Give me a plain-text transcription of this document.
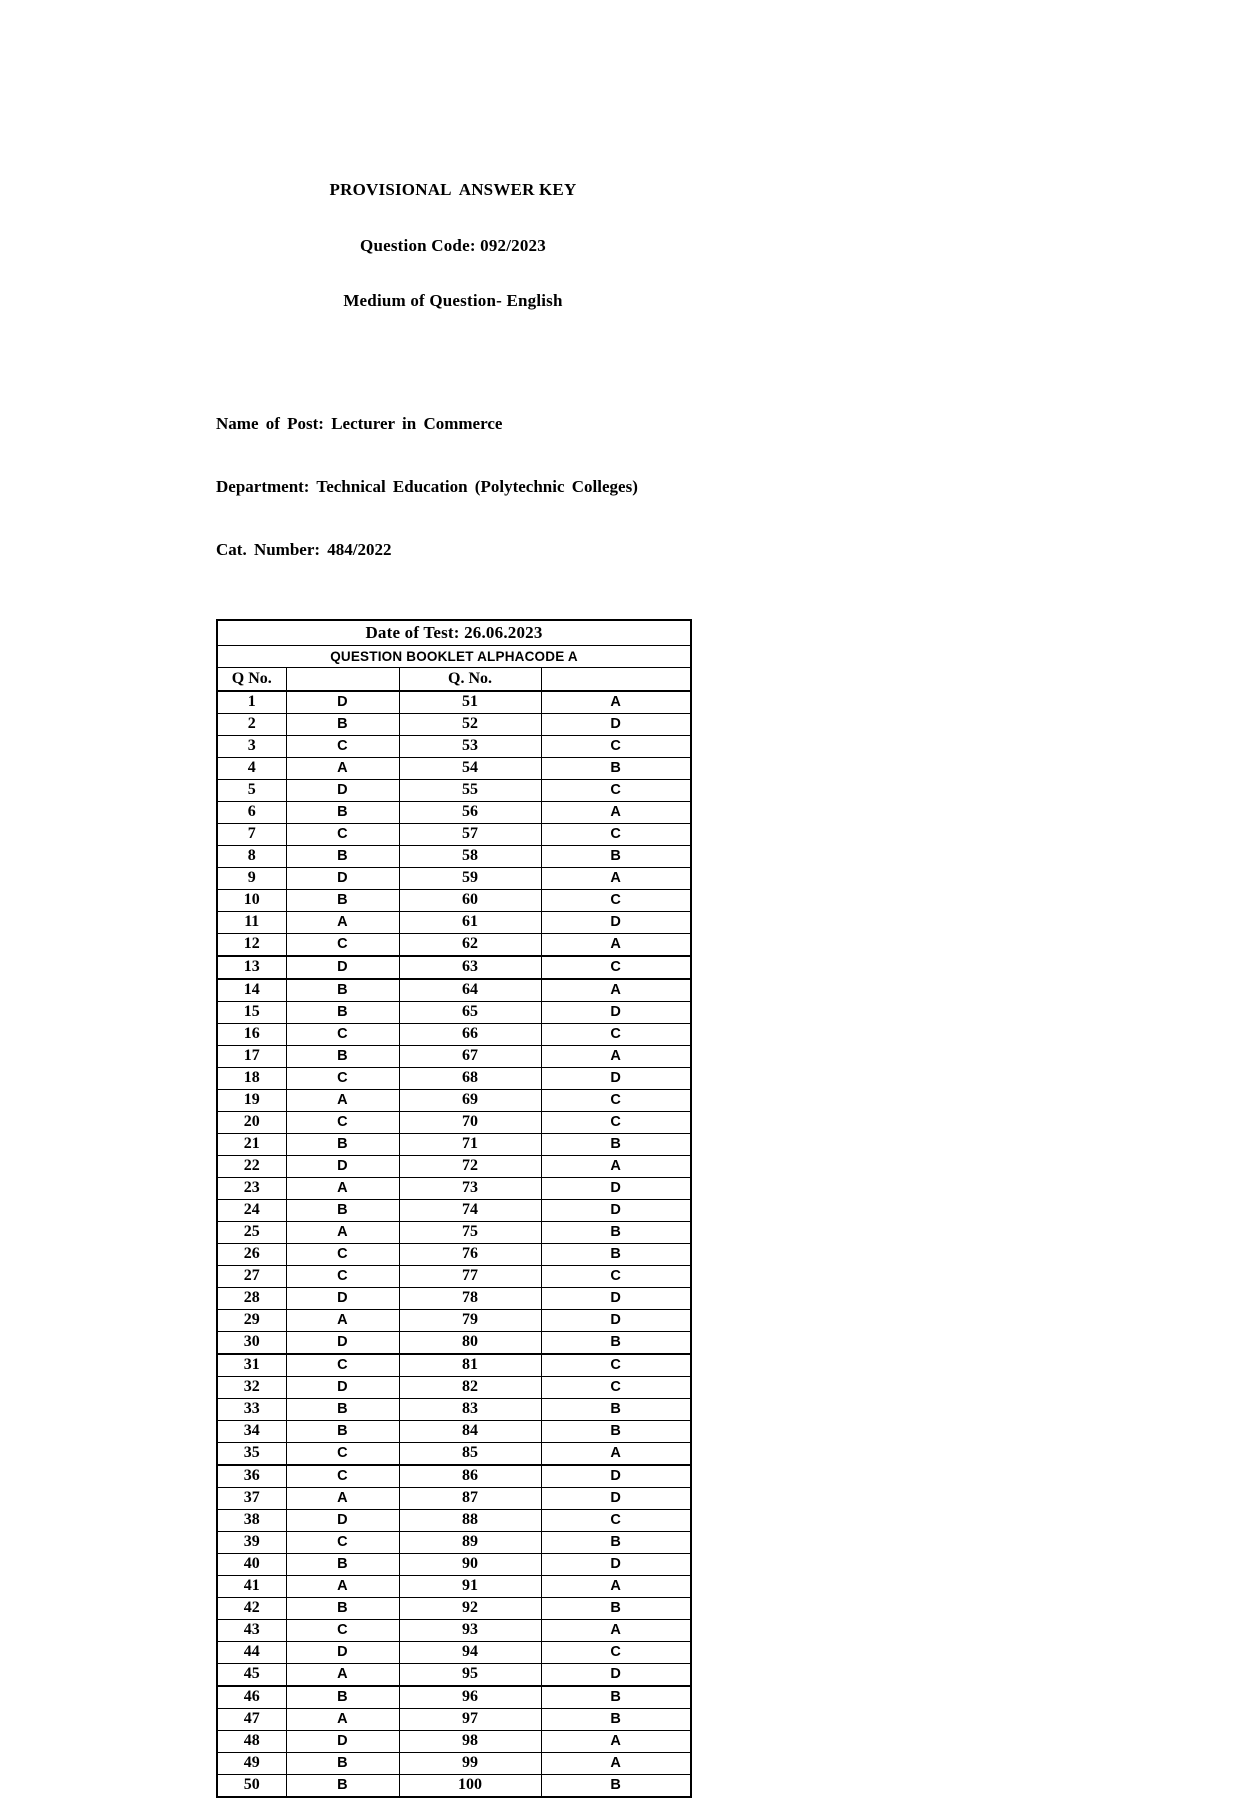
PROVISIONAL  ANSWER KEY

Question Code: 092/2023

Medium of Question- English

Name of Post: Lecturer in Commerce

Department: Technical Education (Polytechnic Colleges)

Cat. Number: 484/2022

Date of Test: 26.06.2023			
QUESTION BOOKLET ALPHACODE A			
Q No.		Q. No.	
1	D	51	A
2	B	52	D
3	C	53	C
4	A	54	B
5	D	55	C
6	B	56	A
7	C	57	C
8	B	58	B
9	D	59	A
10	B	60	C
11	A	61	D
12	C	62	A
13	D	63	C
14	B	64	A
15	B	65	D
16	C	66	C
17	B	67	A
18	C	68	D
19	A	69	C
20	C	70	C
21	B	71	B
22	D	72	A
23	A	73	D
24	B	74	D
25	A	75	B
26	C	76	B
27	C	77	C
28	D	78	D
29	A	79	D
30	D	80	B
31	C	81	C
32	D	82	C
33	B	83	B
34	B	84	B
35	C	85	A
36	C	86	D
37	A	87	D
38	D	88	C
39	C	89	B
40	B	90	D
41	A	91	A
42	B	92	B
43	C	93	A
44	D	94	C
45	A	95	D
46	B	96	B
47	A	97	B
48	D	98	A
49	B	99	A
50	B	100	B
